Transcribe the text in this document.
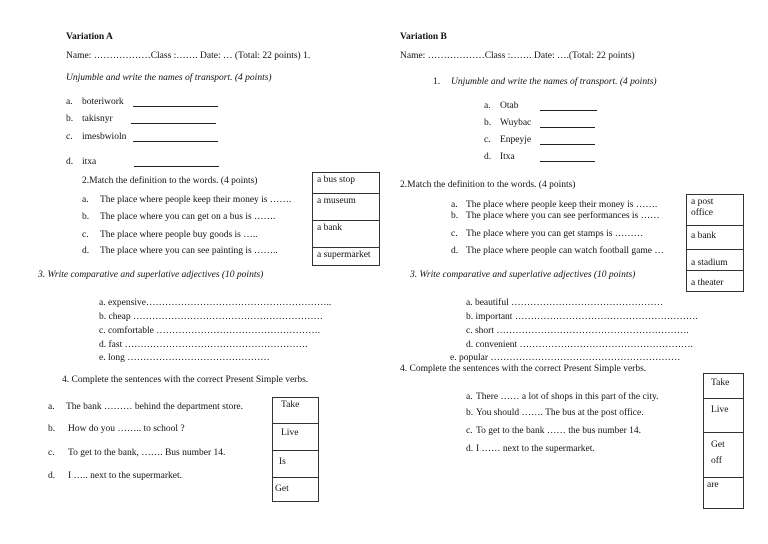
Variation A
Name: ………………Class :……. Date: … (Total: 22 points) 1.
Unjumble and write the names of transport. (4 points)
a. boteriwork
b. takisnyr
c. imesbwioln
d. itxa
2.Match the definition to the words. (4 points)
a. The place where people keep their money is …….
b. The place where you can get on a bus is …….
c. The place where people buy goods is …..
d. The place where you can see painting is ……..
a bus stop
a museum
a bank
a supermarket
3. Write comparative and superlative adjectives (10 points)
a. expensive…………………………………………………..
b. cheap ……………………………………………………
c. comfortable …………………………………………….
d. fast ………………………………………………….
e. long ………………………………………
4. Complete the sentences with the correct Present Simple verbs.
a. The bank ……… behind the department store.
b. How do you …….. to school ?
c. To get to the bank, ……. Bus number 14.
d. I ….. next to the supermarket.
Take
Live
Is
Get
Variation B
Name: ………………Class :……. Date: ….(Total: 22 points)
1. Unjumble and write the names of transport. (4 points)
a. Otab
b. Wuybac
c. Enpeyje
d. Itxa
2.Match the definition to the words. (4 points)
a. The place where people keep their money is …….
b. The place where you can see performances is ……
c. The place where you can get stamps is ………
d. The place where people can watch football game …
a post office
a bank
a stadium
a theater
3. Write comparative and superlative adjectives (10 points)
a. beautiful …………………………………………
b. important ………………………………………………….
c. short …………………………………………………….
d. convenient ……………………………………………….
e. popular ……………………………………………………
4. Complete the sentences with the correct Present Simple verbs.
a. There …… a lot of shops in this part of the city.
b. You should ……. The bus at the post office.
c. To get to the bank …… the bus number 14.
d. I …… next to the supermarket.
Take
Live
Get off
are
